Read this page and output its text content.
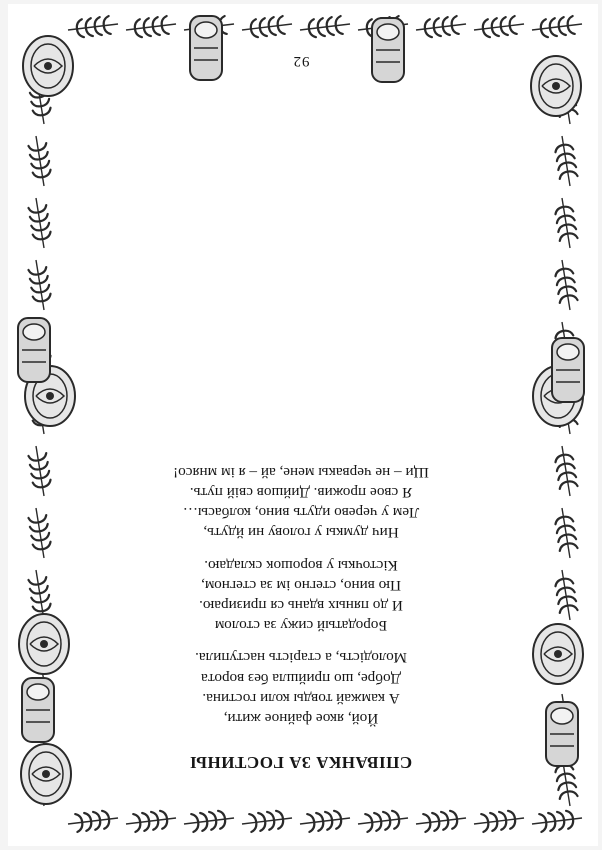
СПІВАНКА ЗА ГОСТИНЫ
Йой, якое файное жити,
А камжай товды коли гостина.
Добре, шо прийшла без ворота
Молодість, а старість наступила.
Бородатый сижу за столом
И до пяных вдань ся призираю.
Пю вино, стегно ім за стегном,
Кісточкы у ворошок складаю.
Нич думкы у голову ни йдуть,
Лем у черево идуть вино, колбасы…
Я свое прожив. Дийшов свій путь.
Щи – не червакы мене, ай – я ім мнясо!
92
